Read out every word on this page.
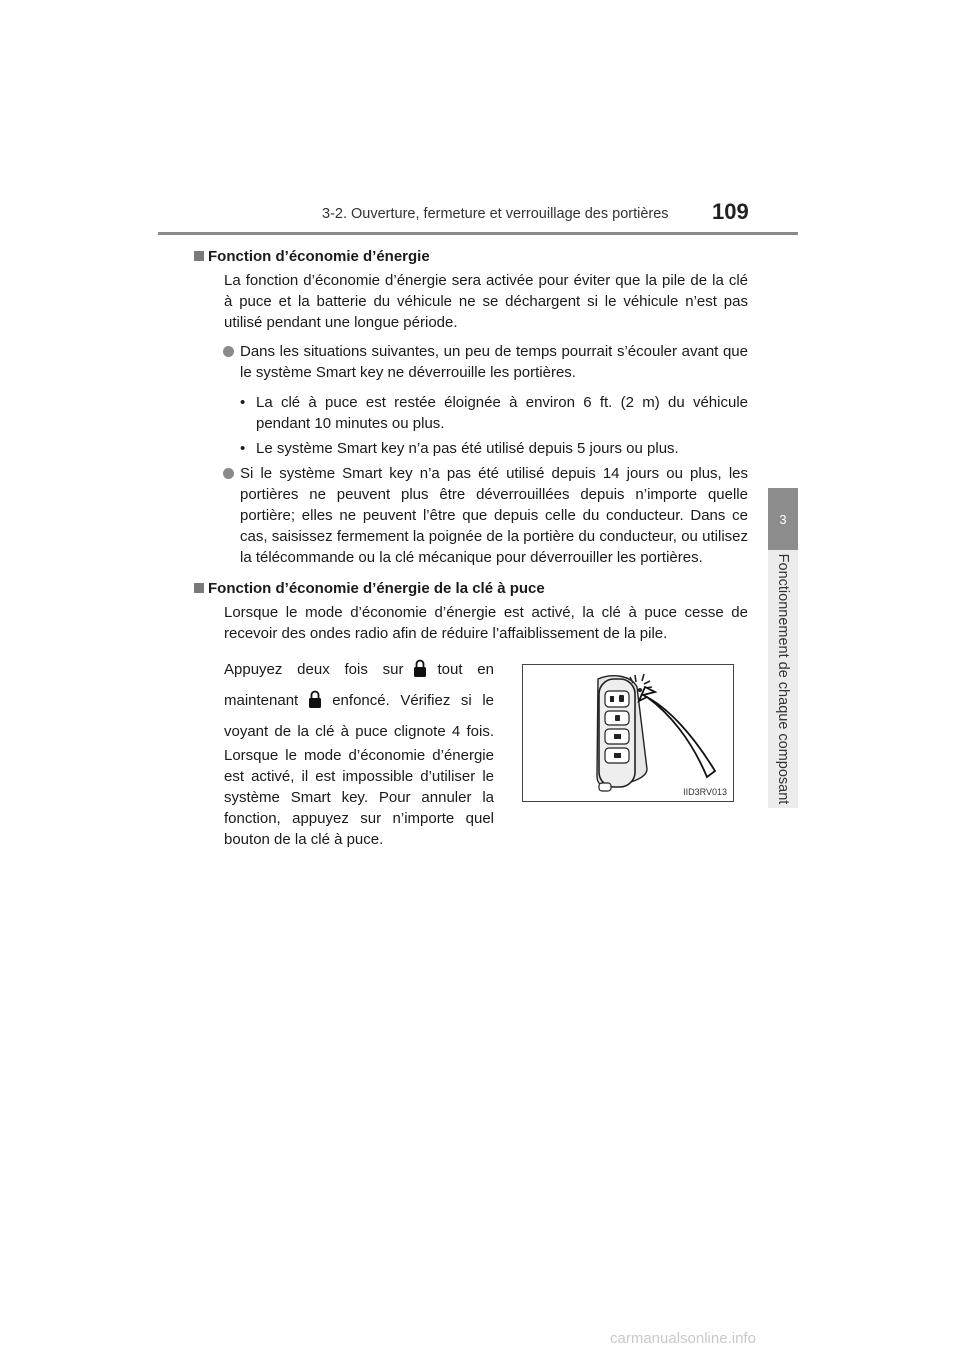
3-2. Ouverture, fermeture et verrouillage des portières 109
3
Fonctionnement de chaque composant
Fonction d’économie d’énergie
La fonction d’économie d’énergie sera activée pour éviter que la pile de la clé à puce et la batterie du véhicule ne se déchargent si le véhicule n’est pas utilisé pendant une longue période.
Dans les situations suivantes, un peu de temps pourrait s’écouler avant que le système Smart key ne déverrouille les portières.
• La clé à puce est restée éloignée à environ 6 ft. (2 m) du véhicule pendant 10 minutes ou plus.
• Le système Smart key n’a pas été utilisé depuis 5 jours ou plus.
Si le système Smart key n’a pas été utilisé depuis 14 jours ou plus, les portières ne peuvent plus être déverrouillées depuis n’importe quelle portière; elles ne peuvent l’être que depuis celle du conducteur. Dans ce cas, saisissez fermement la poignée de la portière du conducteur, ou utilisez la télécommande ou la clé mécanique pour déverrouiller les portières.
Fonction d’économie d’énergie de la clé à puce
Lorsque le mode d’économie d’énergie est activé, la clé à puce cesse de recevoir des ondes radio afin de réduire l’affaiblissement de la pile.
Appuyez deux fois sur tout en
maintenant enfoncé. Vérifiez si le voyant de la clé à puce clignote 4 fois.
Lorsque le mode d’économie d’énergie est activé, il est impossible d’utiliser le système Smart key. Pour annuler la fonction, appuyez sur n’importe quel bouton de la clé à puce.
IID3RV013
carmanualsonline.info
